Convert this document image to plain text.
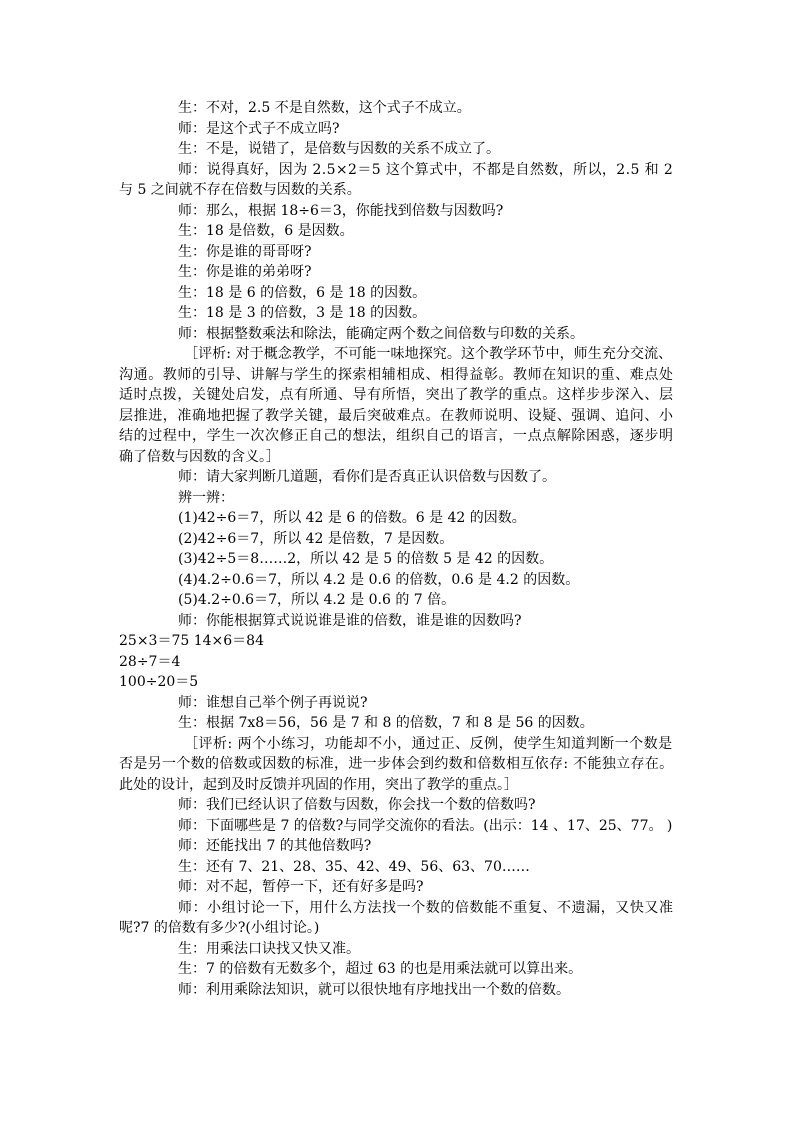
生：不对，2.5 不是自然数，这个式子不成立。
师：是这个式子不成立吗?
生：不是，说错了，是倍数与因数的关系不成立了。
师：说得真好，因为 2.5×2＝5 这个算式中，不都是自然数，所以，2.5 和 2
与 5 之间就不存在倍数与因数的关系。
师：那么，根据 18÷6＝3，你能找到倍数与因数吗?
生：18 是倍数，6 是因数。
生：你是谁的哥哥呀?
生：你是谁的弟弟呀?
生：18 是 6 的倍数，6 是 18 的因数。
生：18 是 3 的倍数，3 是 18 的因数。
师：根据整数乘法和除法，能确定两个数之间倍数与印数的关系。
［评析: 对于概念教学，不可能一味地探究。这个教学环节中，师生充分交流、
沟通。教师的引导、讲解与学生的探索相辅相成、相得益彰。教师在知识的重、难点处
适时点拨，关键处启发，点有所通、导有所悟，突出了教学的重点。这样步步深入、层
层推进，准确地把握了教学关键，最后突破难点。在教师说明、设疑、强调、追问、小
结的过程中，学生一次次修正自己的想法，组织自己的语言，一点点解除困惑，逐步明
确了倍数与因数的含义。］
师：请大家判断几道题，看你们是否真正认识倍数与因数了。
辨一辨：
(1)42÷6＝7，所以 42 是 6 的倍数。6 是 42 的因数。
(2)42÷6＝7，所以 42 是倍数，7 是因数。
(3)42÷5＝8……2，所以 42 是 5 的倍数 5 是 42 的因数。
(4)4.2÷0.6＝7，所以 4.2 是 0.6 的倍数，0.6 是 4.2 的因数。
(5)4.2÷0.6＝7，所以 4.2 是 0.6 的 7 倍。
师：你能根据算式说说谁是谁的倍数，谁是谁的因数吗?
25×3＝75 14×6＝84
28÷7＝4
100÷20＝5
师：谁想自己举个例子再说说?
生：根据 7x8＝56，56 是 7 和 8 的倍数，7 和 8 是 56 的因数。
［评析: 两个小练习，功能却不小，通过正、反例，使学生知道判断一个数是
否是另一个数的倍数或因数的标准，进一步体会到约数和倍数相互依存: 不能独立存在。
此处的设计，起到及时反馈并巩固的作用，突出了教学的重点。］
师：我们已经认识了倍数与因数，你会找一个数的倍数吗?
师：下面哪些是 7 的倍数?与同学交流你的看法。(出示：14 、17、25、77。 )
师：还能找出 7 的其他倍数吗?
生：还有 7、21、28、35、42、49、56、63、70……
师：对不起，暂停一下，还有好多是吗?
师：小组讨论一下，用什么方法找一个数的倍数能不重复、不遗漏，又快又准
呢?7 的倍数有多少?(小组讨论。)
生：用乘法口诀找又快又准。
生：7 的倍数有无数多个，超过 63 的也是用乘法就可以算出来。
师：利用乘除法知识，就可以很快地有序地找出一个数的倍数。
